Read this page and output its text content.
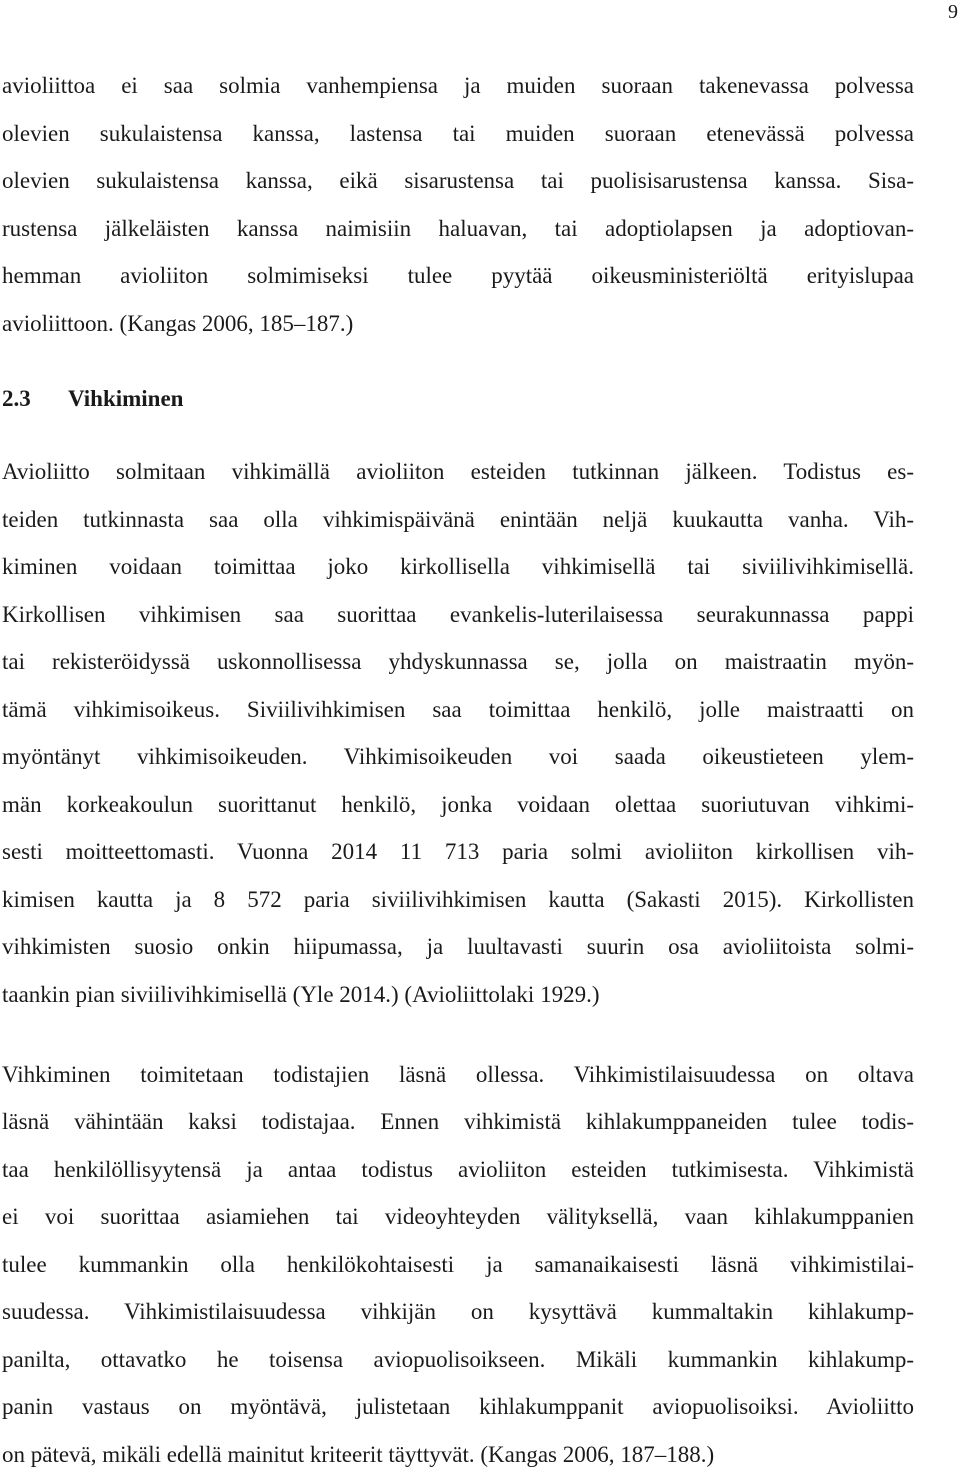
9
avioliittoa ei saa solmia vanhempiensa ja muiden suoraan takenevassa polvessa
olevien sukulaistensa kanssa, lastensa tai muiden suoraan etenevässä polvessa
olevien sukulaistensa kanssa, eikä sisarustensa tai puolisisarustensa kanssa. Sisa-
rustensa jälkeläisten kanssa naimisiin haluavan, tai adoptiolapsen ja adoptiovan-
hemman avioliiton solmimiseksi tulee pyytää oikeusministeriöltä erityislupaa
avioliittoon. (Kangas 2006, 185–187.)
2.3 Vihkiminen
Avioliitto solmitaan vihkimällä avioliiton esteiden tutkinnan jälkeen. Todistus es-
teiden tutkinnasta saa olla vihkimispäivänä enintään neljä kuukautta vanha. Vih-
kiminen voidaan toimittaa joko kirkollisella vihkimisellä tai siviilivihkimisellä.
Kirkollisen vihkimisen saa suorittaa evankelis-luterilaisessa seurakunnassa pappi
tai rekisteröidyssä uskonnollisessa yhdyskunnassa se, jolla on maistraatin myön-
tämä vihkimisoikeus. Siviilivihkimisen saa toimittaa henkilö, jolle maistraatti on
myöntänyt vihkimisoikeuden. Vihkimisoikeuden voi saada oikeustieteen ylem-
män korkeakoulun suorittanut henkilö, jonka voidaan olettaa suoriutuvan vihkimi-
sesti moitteettomasti. Vuonna 2014 11 713 paria solmi avioliiton kirkollisen vih-
kimisen kautta ja 8 572 paria siviilivihkimisen kautta (Sakasti 2015). Kirkollisten
vihkimisten suosio onkin hiipumassa, ja luultavasti suurin osa avioliitoista solmi-
taankin pian siviilivihkimisellä (Yle 2014.) (Avioliittolaki 1929.)
Vihkiminen toimitetaan todistajien läsnä ollessa. Vihkimistilaisuudessa on oltava
läsnä vähintään kaksi todistajaa. Ennen vihkimistä kihlakumppaneiden tulee todis-
taa henkilöllisyytensä ja antaa todistus avioliiton esteiden tutkimisesta. Vihkimistä
ei voi suorittaa asiamiehen tai videoyhteyden välityksellä, vaan kihlakumppanien
tulee kummankin olla henkilökohtaisesti ja samanaikaisesti läsnä vihkimistilai-
suudessa. Vihkimistilaisuudessa vihkijän on kysyttävä kummaltakin kihlakump-
panilta, ottavatko he toisensa aviopuolisoikseen. Mikäli kummankin kihlakump-
panin vastaus on myöntävä, julistetaan kihlakumppanit aviopuolisoiksi. Avioliitto
on pätevä, mikäli edellä mainitut kriteerit täyttyvät. (Kangas 2006, 187–188.)
